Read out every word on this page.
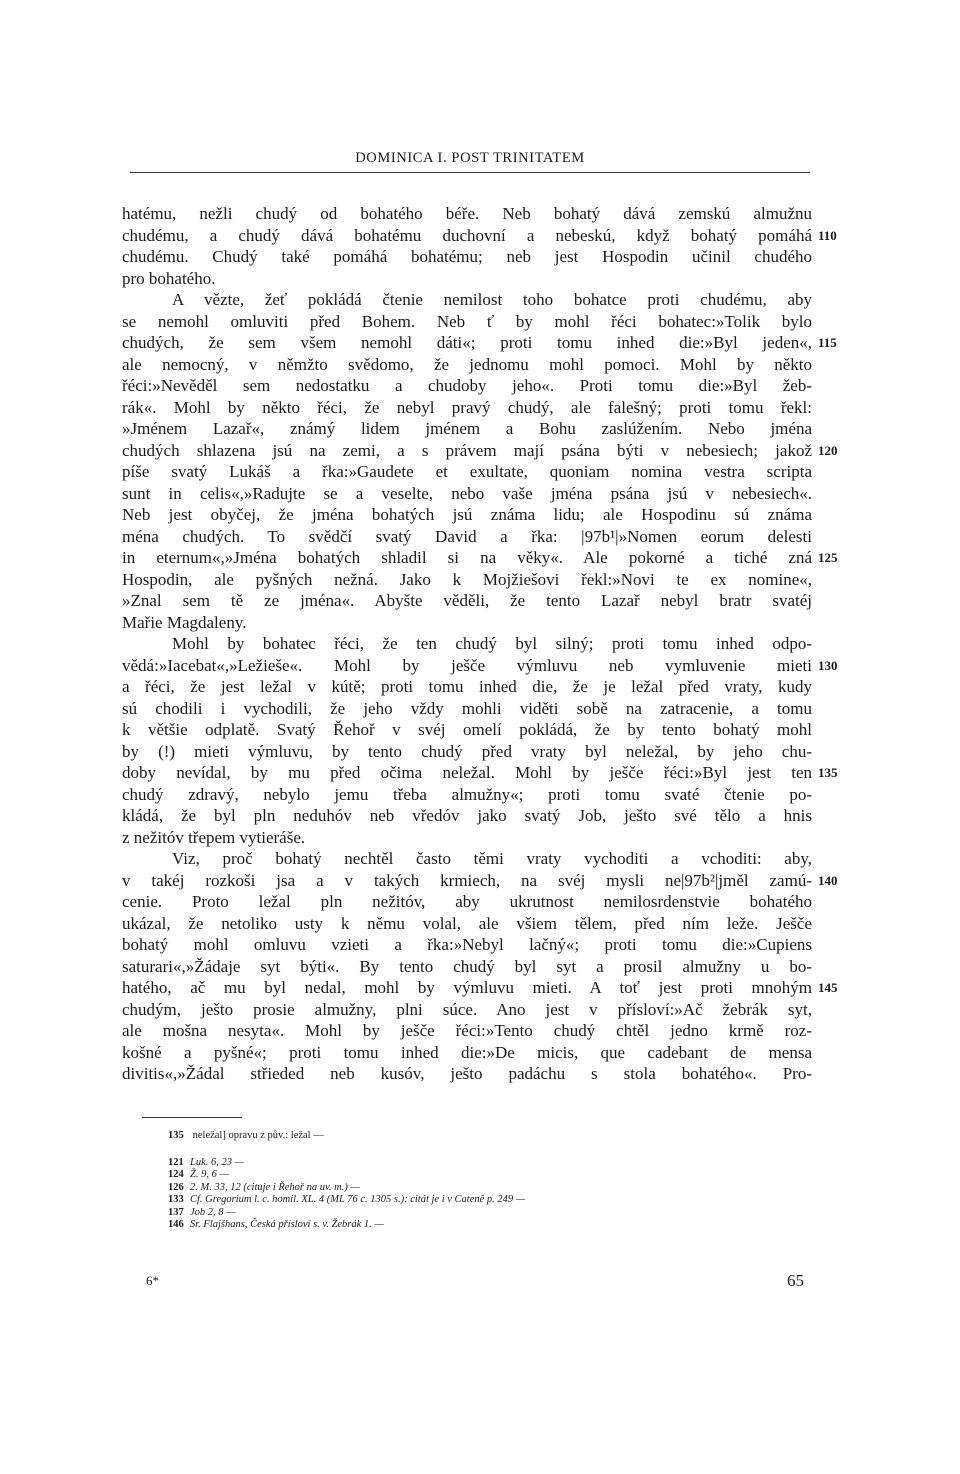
DOMINICA I. POST TRINITATEM
hatému, nežli chudý od bohatého béře. Neb bohatý dává zemskú almužnu
chudému, a chudý dává bohatému duchovní a nebeskú, když bohatý pomáhá
chudému. Chudý také pomáhá bohatému; neb jest Hospodin učinil chudého
pro bohatého.
A vězte, žeť pokládá čtenie nemilost toho bohatce proti chudému, aby
se nemohl omluviti před Bohem. Neb ť by mohl řéci bohatec:»Tolik bylo
chudých, že sem všem nemohl dáti«; proti tomu inhed die:»Byl jeden«,
ale nemocný, v němžto svědomo, že jednomu mohl pomoci. Mohl by někto
řéci:»Nevěděl sem nedostatku a chudoby jeho«. Proti tomu die:»Byl žeb-
rák«. Mohl by někto řéci, že nebyl pravý chudý, ale falešný; proti tomu řekl:
»Jménem Lazař«, známý lidem jménem a Bohu zaslúžením. Nebo jména
chudých shlazena jsú na zemi, a s právem mají psána býti v nebesiech; jakož
píše svatý Lukáš a řka:»Gaudete et exultate, quoniam nomina vestra scripta
sunt in celis«,»Radujte se a veselte, nebo vaše jména psána jsú v nebesiech«.
Neb jest obyčej, že jména bohatých jsú známa lidu; ale Hospodinu sú známa
ména chudých. To svědčí svatý David a řka: |97b¹|»Nomen eorum delesti
in eternum«,»Jména bohatých shladil si na věky«. Ale pokorné a tiché zná
Hospodin, ale pyšných nežná. Jako k Mojžiešovi řekl:»Novi te ex nomine«,
»Znal sem tě ze jména«. Abyšte věděli, že tento Lazař nebyl bratr svatéj
Mařie Magdaleny.
Mohl by bohatec řéci, že ten chudý byl silný; proti tomu inhed odpo-
vědá:»Iacebat«,»Ležieše«. Mohl by ješče výmluvu neb vymluvenie mieti
a řéci, že jest ležal v kútě; proti tomu inhed die, že je ležal před vraty, kudy
sú chodili i vychodili, že jeho vždy mohli viděti sobě na zatracenie, a tomu
k většie odplatě. Svatý Řehoř v svéj omelí pokládá, že by tento bohatý mohl
by (!) mieti výmluvu, by tento chudý před vraty byl neležal, by jeho chu-
doby nevídal, by mu před očima neležal. Mohl by ješče řéci:»Byl jest ten
chudý zdravý, nebylo jemu třeba almužny«; proti tomu svaté čtenie po-
kládá, že byl pln neduhóv neb vředóv jako svatý Job, ješto své tělo a hnis
z nežitóv třepem vytieráše.
Viz, proč bohatý nechtěl často těmi vraty vychoditi a vchoditi: aby,
v takéj rozkoši jsa a v takých krmiech, na svéj mysli ne|97b²|jměl zamú-
cenie. Proto ležal pln nežitóv, aby ukrutnost nemilosrdenstvie bohatého
ukázal, že netoliko usty k němu volal, ale všiem tělem, před ním leže. Ješče
bohatý mohl omluvu vzieti a řka:»Nebyl lačný«; proti tomu die:»Cupiens
saturari«,»Žádaje syt býti«. By tento chudý byl syt a prosil almužny u bo-
hatého, ač mu byl nedal, mohl by výmluvu mieti. A toť jest proti mnohým
chudým, ješto prosie almužny, plni súce. Ano jest v přísloví:»Ač žebrák syt,
ale mošna nesyta«. Mohl by ješče řéci:»Tento chudý chtěl jedno krmě roz-
košné a pyšné«; proti tomu inhed die:»De micis, que cadebant de mensa
divitis«,»Žádal střieded neb kusóv, ješto padáchu s stola bohatého«. Pro-
110
115
120
125
130
135
140
145
135 neležal] opravu z pův.: ležal —
121 Luk. 6, 23 —
124 Ž. 9, 6 —
126 2. M. 33, 12 (cituje i Řehoř na uv. m.) —
133 Cf. Gregorium l. c. homil. XL. 4 (ML 76 c. 1305 s.); citát je i v Catenĕ p. 249 —
137 Job 2, 8 —
146 Sr. Flajšhans, Česká přísloví s. v. Žebrák 1. —
6*	65
